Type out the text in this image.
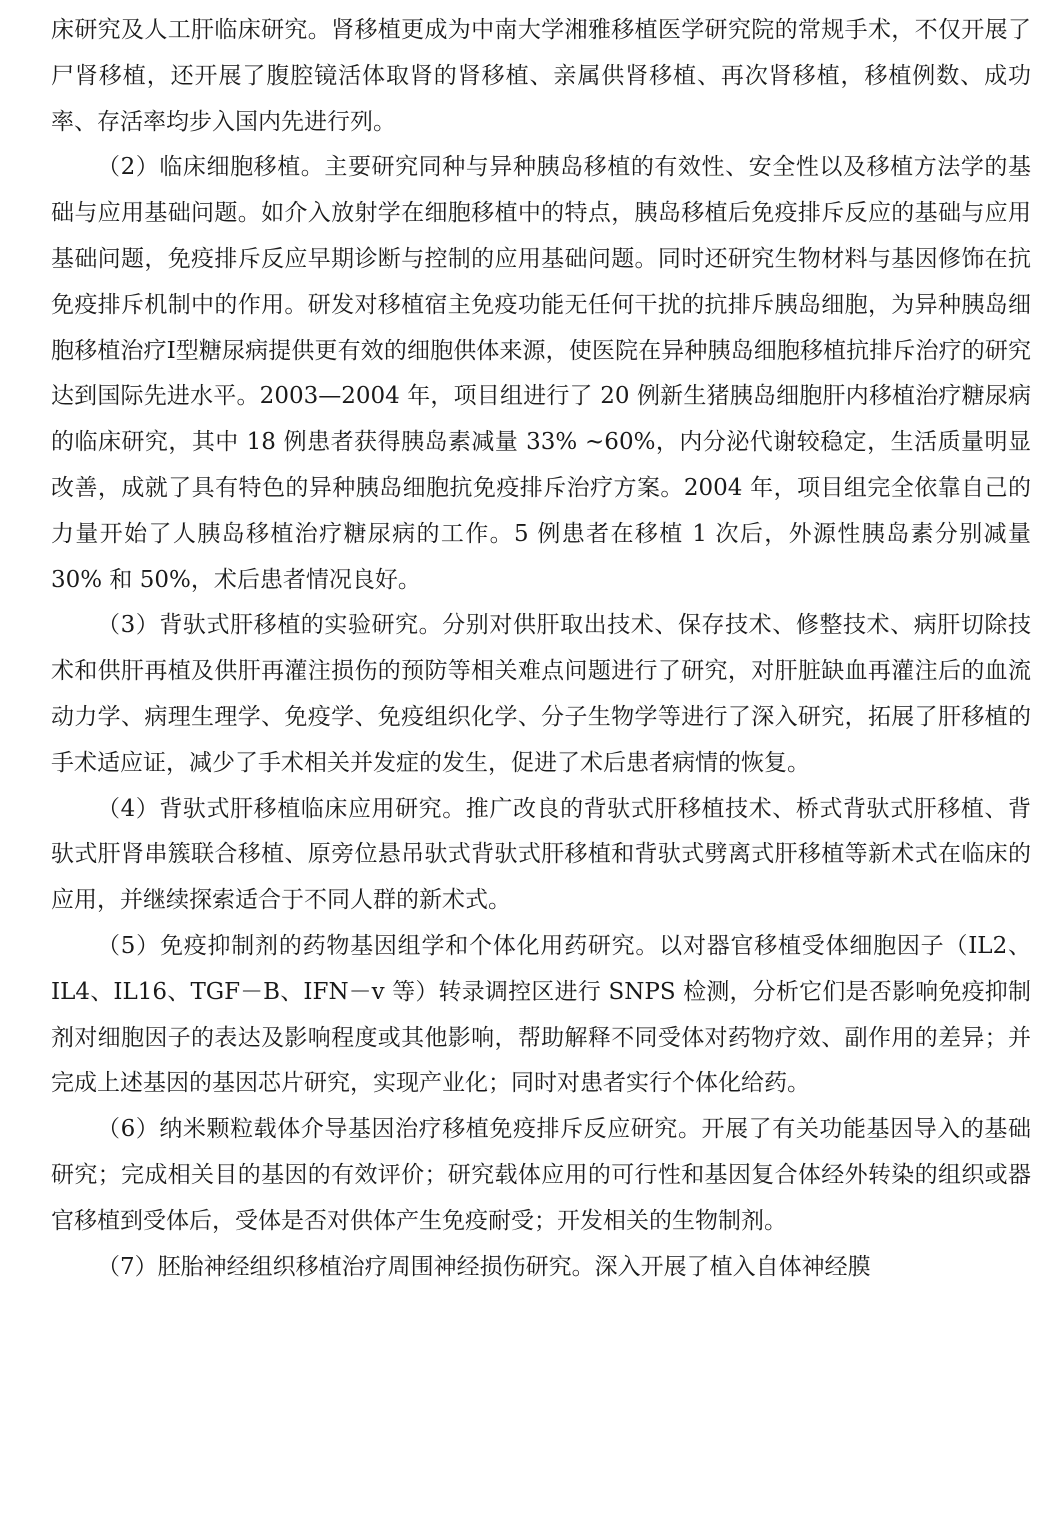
床研究及人工肝临床研究。肾移植更成为中南大学湘雅移植医学研究院的常规手术，不仅开展了尸肾移植，还开展了腹腔镜活体取肾的肾移植、亲属供肾移植、再次肾移植，移植例数、成功率、存活率均步入国内先进行列。

（2）临床细胞移植。主要研究同种与异种胰岛移植的有效性、安全性以及移植方法学的基础与应用基础问题。如介入放射学在细胞移植中的特点，胰岛移植后免疫排斥反应的基础与应用基础问题，免疫排斥反应早期诊断与控制的应用基础问题。同时还研究生物材料与基因修饰在抗免疫排斥机制中的作用。研发对移植宿主免疫功能无任何干扰的抗排斥胰岛细胞，为异种胰岛细胞移植治疗Ⅰ型糖尿病提供更有效的细胞供体来源，使医院在异种胰岛细胞移植抗排斥治疗的研究达到国际先进水平。2003—2004 年，项目组进行了 20 例新生猪胰岛细胞肝内移植治疗糖尿病的临床研究，其中 18 例患者获得胰岛素减量 33% ~60%，内分泌代谢较稳定，生活质量明显改善，成就了具有特色的异种胰岛细胞抗免疫排斥治疗方案。2004 年，项目组完全依靠自己的力量开始了人胰岛移植治疗糖尿病的工作。5 例患者在移植 1 次后，外源性胰岛素分别减量 30% 和 50%，术后患者情况良好。

（3）背驮式肝移植的实验研究。分别对供肝取出技术、保存技术、修整技术、病肝切除技术和供肝再植及供肝再灌注损伤的预防等相关难点问题进行了研究，对肝脏缺血再灌注后的血流动力学、病理生理学、免疫学、免疫组织化学、分子生物学等进行了深入研究，拓展了肝移植的手术适应证，减少了手术相关并发症的发生，促进了术后患者病情的恢复。

（4）背驮式肝移植临床应用研究。推广改良的背驮式肝移植技术、桥式背驮式肝移植、背驮式肝肾串簇联合移植、原旁位悬吊驮式背驮式肝移植和背驮式劈离式肝移植等新术式在临床的应用，并继续探索适合于不同人群的新术式。

（5）免疫抑制剂的药物基因组学和个体化用药研究。以对器官移植受体细胞因子（IL2、IL4、IL16、TGF－B、IFN－v 等）转录调控区进行 SNPS 检测，分析它们是否影响免疫抑制剂对细胞因子的表达及影响程度或其他影响，帮助解释不同受体对药物疗效、副作用的差异；并完成上述基因的基因芯片研究，实现产业化；同时对患者实行个体化给药。

（6）纳米颗粒载体介导基因治疗移植免疫排斥反应研究。开展了有关功能基因导入的基础研究；完成相关目的基因的有效评价；研究载体应用的可行性和基因复合体经外转染的组织或器官移植到受体后，受体是否对供体产生免疫耐受；开发相关的生物制剂。

（7）胚胎神经组织移植治疗周围神经损伤研究。深入开展了植入自体神经膜
